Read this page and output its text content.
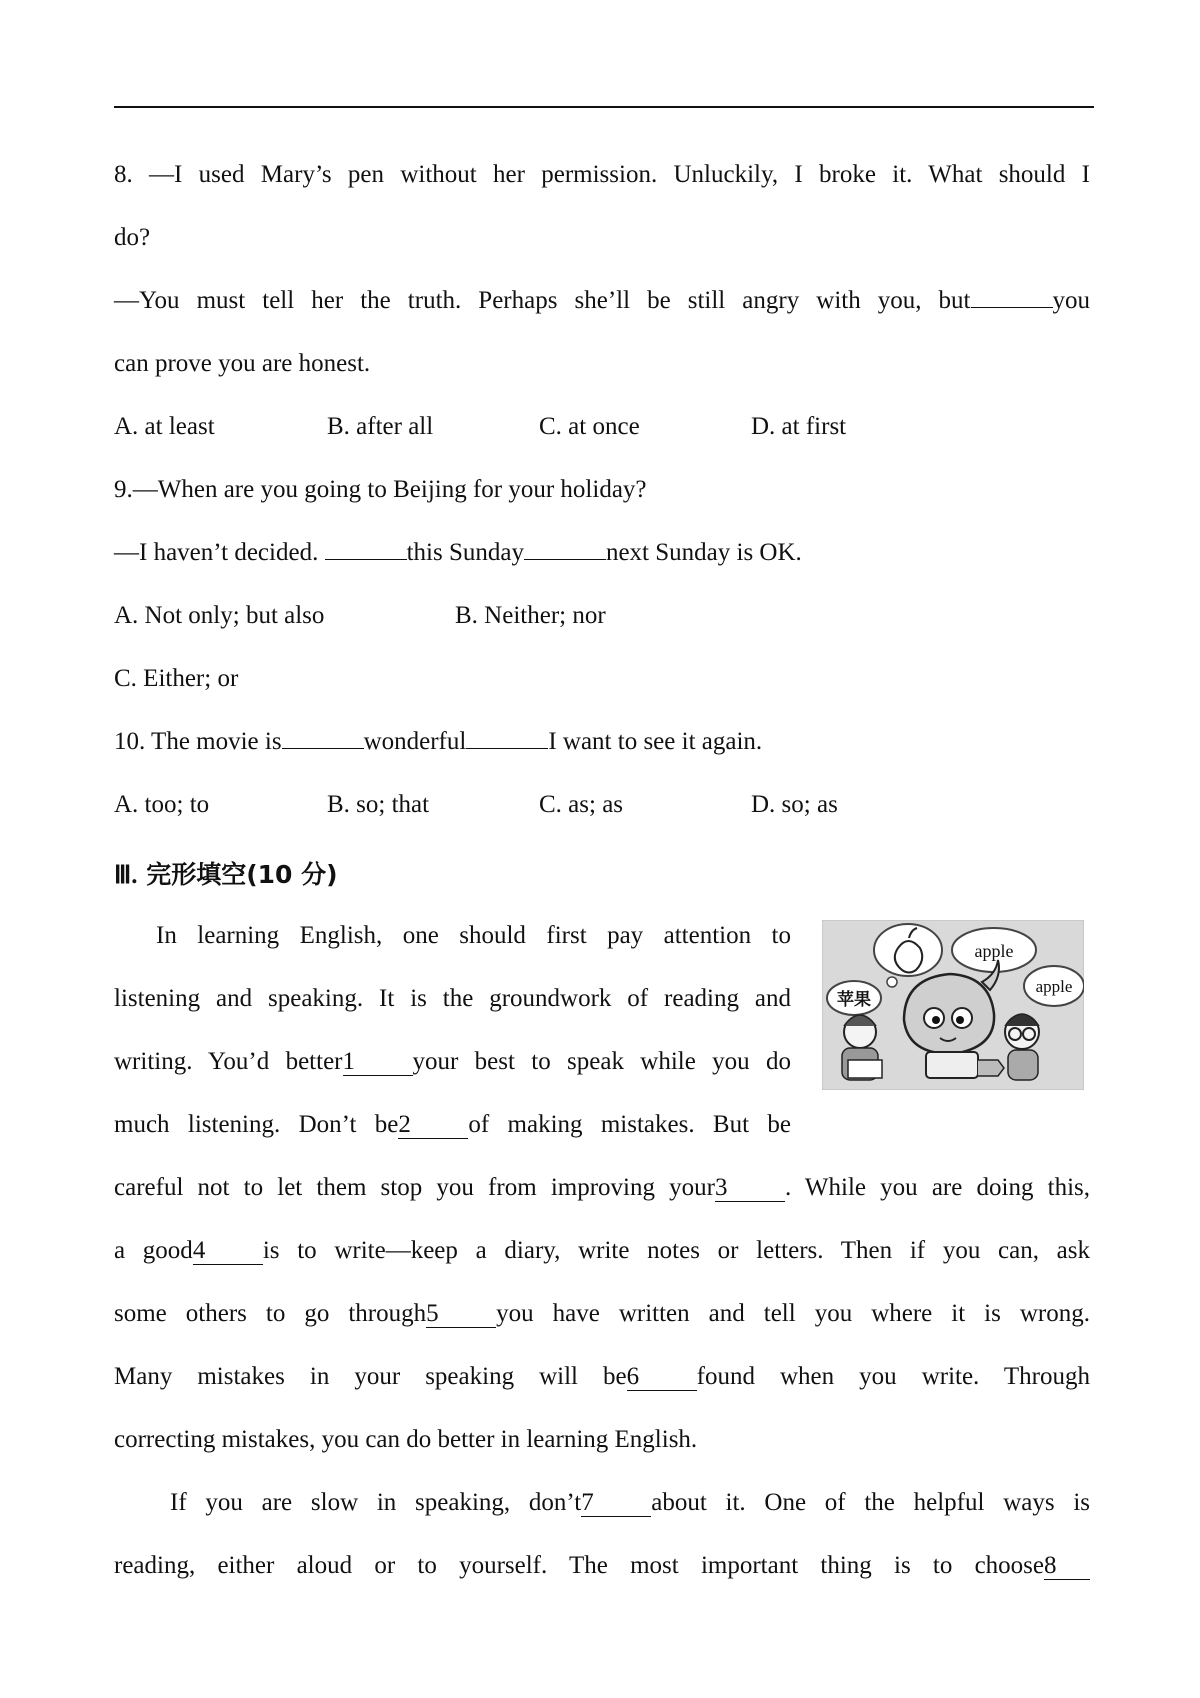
8. —I used Mary’s pen without her permission. Unluckily, I broke it. What should I
do?
—You must tell her the truth. Perhaps she’ll be still angry with you, but	you
can prove you are honest.
A. at least	B. after all	C. at once	D. at first
9.—When are you going to Beijing for your holiday?
—I haven’t decided.	this Sunday	next Sunday is OK.
A. Not only; but also	B. Neither; nor
C. Either; or
10. The movie is	wonderful	I want to see it again.
A. too; to	B. so; that	C. as; as	D. so; as
Ⅲ. 完形填空(10 分)
apple
apple
苹果
In learning English, one should first pay attention to
listening and speaking. It is the groundwork of reading and
writing. You’d better1 your best to speak while you do
much listening. Don’t be2 of making mistakes. But be
careful not to let them stop you from improving your3 . While you are doing this,
a good4 is to write—keep a diary, write notes or letters. Then if you can, ask
some others to go through5 you have written and tell you where it is wrong.
Many mistakes in your speaking will be6 found when you write. Through
correcting mistakes, you can do better in learning English.
If you are slow in speaking, don’t7 about it. One of the helpful ways is
reading, either aloud or to yourself. The most important thing is to choose8
